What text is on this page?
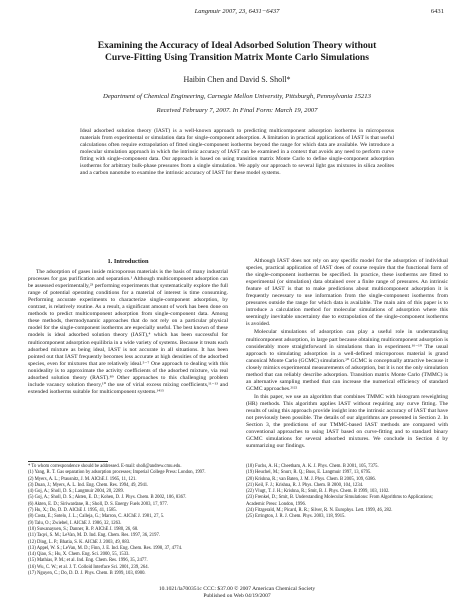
Langmuir 2007, 23, 6431−6437	6431
Examining the Accuracy of Ideal Adsorbed Solution Theory without
Curve-Fitting Using Transition Matrix Monte Carlo Simulations
Haibin Chen and David S. Sholl*
Department of Chemical Engineering, Carnegie Mellon University, Pittsburgh, Pennsylvania 15213
Received February 7, 2007. In Final Form: March 19, 2007
Ideal adsorbed solution theory (IAST) is a well-known approach to predicting multicomponent adsorption isotherms in microporous materials from experimental or simulation data for single-component adsorption. A limitation in practical applications of IAST is that useful calculations often require extrapolation of fitted single-component isotherms beyond the range for which data are available. We introduce a molecular simulation approach in which the intrinsic accuracy of IAST can be examined in a context that avoids any need to perform curve fitting with single-component data. Our approach is based on using transition matrix Monte Carlo to define single-component adsorption isotherms for arbitrary bulk-phase pressures from a single simulation. We apply our approach to several light gas mixtures in silica zeolites and a carbon nanotube to examine the intrinsic accuracy of IAST for these model systems.
1. Introduction

The adsorption of gases inside microporous materials is the basis of many industrial processes for gas purification and separation.¹ Although multicomponent adsorption can be assessed experimentally,²³ performing experiments that systematically explore the full range of potential operating conditions for a material of interest is time consuming. Performing accurate experiments to characterize single-component adsorption, by contrast, is relatively routine. As a result, a significant amount of work has been done on methods to predict multicomponent adsorption from single-component data. Among these methods, thermodynamic approaches that do not rely on a particular physical model for the single-component isotherms are especially useful. The best known of these models is ideal adsorbed solution theory (IAST),⁴ which has been successful for multicomponent adsorption equilibria in a wide variety of systems. Because it treats each adsorbed mixture as being ideal, IAST is not accurate in all situations. It has been pointed out that IAST frequently becomes less accurate at high densities of the adsorbed species, even for mixtures that are relatively ideal.⁵⁻⁷ One approach to dealing with this nonideality is to approximate the activity coefficients of the adsorbed mixture, via real adsorbed solution theory (RAST).⁸⁹ Other approaches to this challenging problem include vacancy solution theory,¹⁰ the use of virial excess mixing coefficients,¹¹⁻¹³ and extended isotherms suitable for multicomponent systems.¹⁴¹⁵

Although IAST does not rely on any specific model for the adsorption of individual species, practical application of IAST does of course require that the functional form of the single-component isotherms be specified. In practice, these isotherms are fitted to experimental (or simulation) data obtained over a finite range of pressures. An intrinsic feature of IAST is that to make predictions about multicomponent adsorption it is frequently necessary to use information from the single-component isotherms from pressures outside the range for which data is available. The main aim of this paper is to introduce a calculation method for molecular simulations of adsorption where this seemingly inevitable uncertainty due to extrapolation of the single-component isotherms is avoided.

Molecular simulations of adsorption can play a useful role in understanding multicomponent adsorption, in large part because obtaining multicomponent adsorption is considerably more straightforward in simulations than in experiment.¹⁶⁻¹⁹ The usual approach to simulating adsorption in a well-defined microporous material is grand canonical Monte Carlo (GCMC) simulation.²⁰ GCMC is conceptually attractive because it closely mimics experimental measurements of adsorption, but it is not the only simulation method that can reliably describe adsorption. Transition matrix Monte Carlo (TMMC) is an alternative sampling method that can increase the numerical efficiency of standard GCMC approaches.²¹²²

In this paper, we use an algorithm that combines TMMC with histogram reweighting (HR) methods. This algorithm applies IAST without requiring any curve fitting. The results of using this approach provide insight into the intrinsic accuracy of IAST that have not previously been possible. The details of our algorithms are presented in Section 2. In Section 3, the predictions of our TMMC-based IAST methods are compared with conventional approaches to using IAST based on curve-fitting and to standard binary GCMC simulations for several adsorbed mixtures. We conclude in Section 4 by summarizing our findings.

* To whom correspondence should be addressed. E-mail: sholl@andrew.cmu.edu.
(1) Yang, R. T. Gas separation by adsorption processes; Imperial College Press: London, 1997.
(2) Myers, A. L.; Prausnitz, J. M. AIChE J. 1965, 11, 121.
(3) Duan, J.; Myers, A. L. Ind. Eng. Chem. Res. 1994, 49, 2941.
(4) Goj, A.; Sholl, D. S.; Langmuir 2004, 20, 2289.
(5) Goj, A.; Sholl, D. S.; Akten, E. D.; Kohen, D. J. Phys. Chem. B 2002, 106, 8367.
(6) Akten, E. D.; Siriwardane, R.; Sholl, D. S. Energy Fuels 2003, 17, 977.
(7) Hu, X.; Do, D. D. AIChE J. 1995, 41, 1585.
(8) Costa, E.; Sotelo, J. L.; Calleja, G.; Marron, C. AIChE J. 1981, 27, 5.
(9) Talu, O.; Zwiebel, I. AIChE J. 1986, 32, 1263.
(10) Suwanayuen, S.; Danner, R. P. AIChE J. 1980, 26, 68.
(11) Taqvi, S. M.; LeVan, M. D. Ind. Eng. Chem. Res. 1997, 36, 2197.
(12) Ding, L. P.; Bhatia, S. K. AIChE J. 2003, 49, 883.
(13) Appel, W. S.; LeVan, M. D.; Finn, J. E. Ind. Eng. Chem. Res. 1998, 37, 4774.
(14) Qiao, S.; Hu, X. Chem. Eng. Sci. 2000, 55, 1533.
(15) Mathias, P. M.; et al. Ind. Eng. Chem. Res. 1996, 35, 2477.
(16) Wu, C. W.; et al. J. T. Colloid Interface Sci. 2001, 239, 264.
(17) Nguyen, C.; Do, D. D. J. Phys. Chem. B 1999, 103, 6900.
(18) Fuchs, A. H.; Cheetham, A. K. J. Phys. Chem. B 2001, 105, 7375.
(19) Heuchel, M.; Snurr, R. Q.; Buss, E. Langmuir 1997, 13, 6795.
(20) Krishna, R.; van Baten, J. M. J. Phys. Chem. B 2005, 109, 6386.
(21) Keil, F. J.; Krishna, R. J. Phys. Chem. B 2000, 104, 1234.
(22) Vlugt, T. J. H.; Krishna, R.; Smit, B. J. Phys. Chem. B 1999, 103, 1102.
(23) Frenkel, D.; Smit, B. Understanding Molecular Simulations: From Algorithms to Applications; Academic Press: London, 1996.
(24) Fitzgerald, M.; Picard, R. R.; Silver, R. N. Europhys. Lett. 1999, 46, 282.
(25) Errington, J. R. J. Chem. Phys. 2003, 118, 9915.
10.1021/la700351c CCC: $37.00 © 2007 American Chemical Society
Published on Web 04/19/2007
